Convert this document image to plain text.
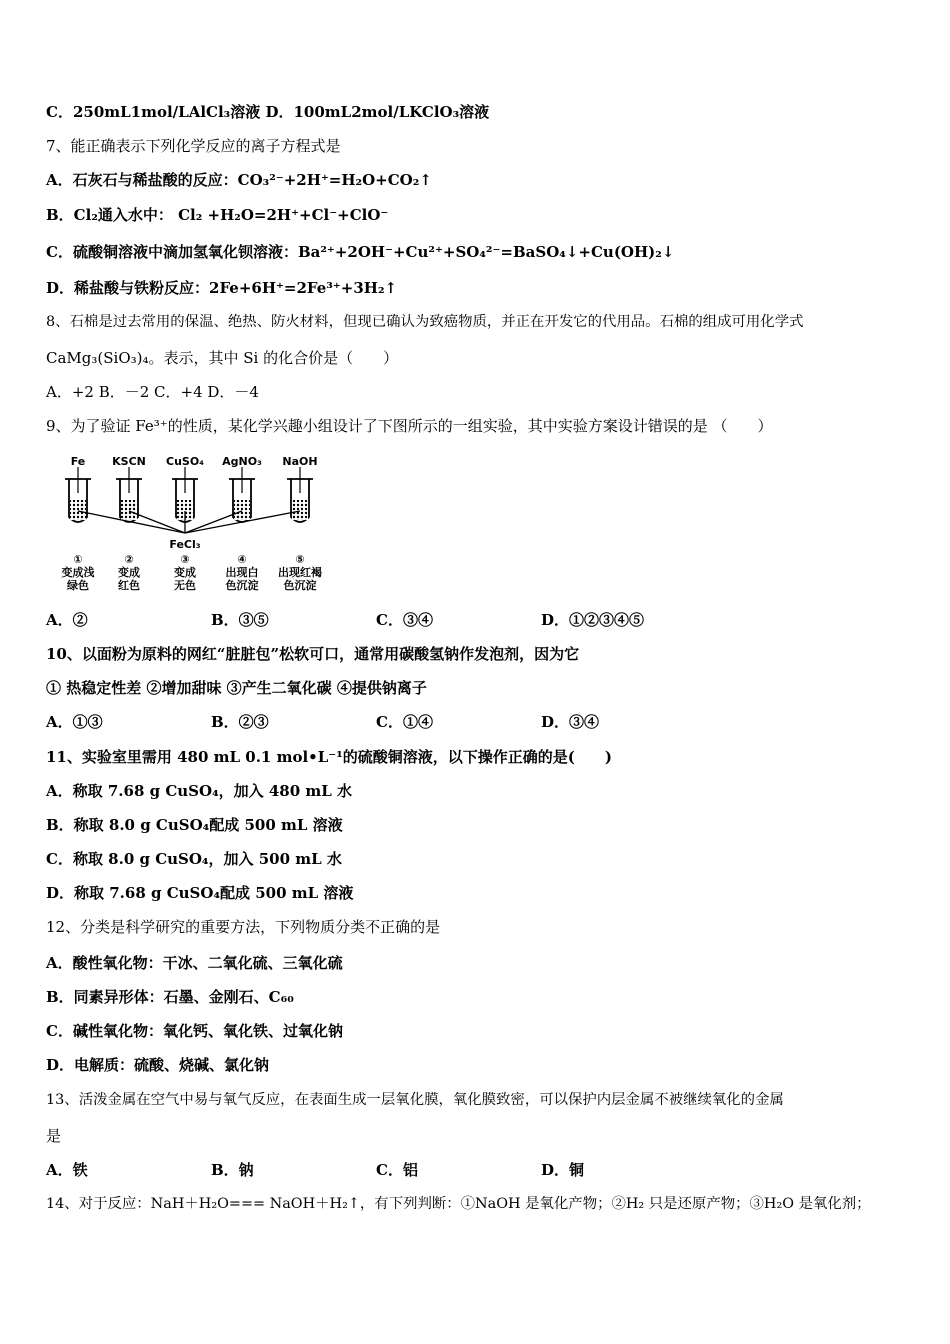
C．250mL1mol/LAlCl₃溶液 D．100mL2mol/LKClO₃溶液
7、能正确表示下列化学反应的离子方程式是
A．石灰石与稀盐酸的反应：CO₃²⁻+2H⁺=H₂O+CO₂↑
B．Cl₂通入水中： Cl₂ +H₂O=2H⁺+Cl⁻+ClO⁻
C．硫酸铜溶液中滴加氢氧化钡溶液：Ba²⁺+2OH⁻+Cu²⁺+SO₄²⁻=BaSO₄↓+Cu(OH)₂↓
D．稀盐酸与铁粉反应：2Fe+6H⁺=2Fe³⁺+3H₂↑
8、石棉是过去常用的保温、绝热、防火材料，但现已确认为致癌物质，并正在开发它的代用品。石棉的组成可用化学式
CaMg₃(SiO₃)₄。表示，其中 Si 的化合价是（　　）
A．+2 B．－2 C．+4 D．－4
9、为了验证 Fe³⁺的性质，某化学兴趣小组设计了下图所示的一组实验，其中实验方案设计错误的是 （　　）
FeCl₃
Fe
①
变成浅
绿色
KSCN
②
变成
红色
CuSO₄
③
变成
无色
AgNO₃
④
出现白
色沉淀
NaOH
⑤
出现红褐
色沉淀
A．②	B．③⑤	C．③④	D．①②③④⑤
10、以面粉为原料的网红“脏脏包”松软可口，通常用碳酸氢钠作发泡剂，因为它
① 热稳定性差 ②增加甜味 ③产生二氧化碳 ④提供钠离子
A．①③	B．②③	C．①④	D．③④
11、实验室里需用 480 mL 0.1 mol•L⁻¹的硫酸铜溶液，以下操作正确的是(　　)
A．称取 7.68 g CuSO₄，加入 480 mL 水
B．称取 8.0 g CuSO₄配成 500 mL 溶液
C．称取 8.0 g CuSO₄，加入 500 mL 水
D．称取 7.68 g CuSO₄配成 500 mL 溶液
12、分类是科学研究的重要方法，下列物质分类不正确的是
A．酸性氧化物：干冰、二氧化硫、三氧化硫
B．同素异形体：石墨、金刚石、C₆₀
C．碱性氧化物：氧化钙、氧化铁、过氧化钠
D．电解质：硫酸、烧碱、氯化钠
13、活泼金属在空气中易与氧气反应，在表面生成一层氧化膜，氧化膜致密，可以保护内层金属不被继续氧化的金属
是
A．铁	B．钠	C．铝	D．铜
14、对于反应：NaH＋H₂O=== NaOH＋H₂↑，有下列判断：①NaOH 是氧化产物；②H₂ 只是还原产物；③H₂O 是氧化剂；
